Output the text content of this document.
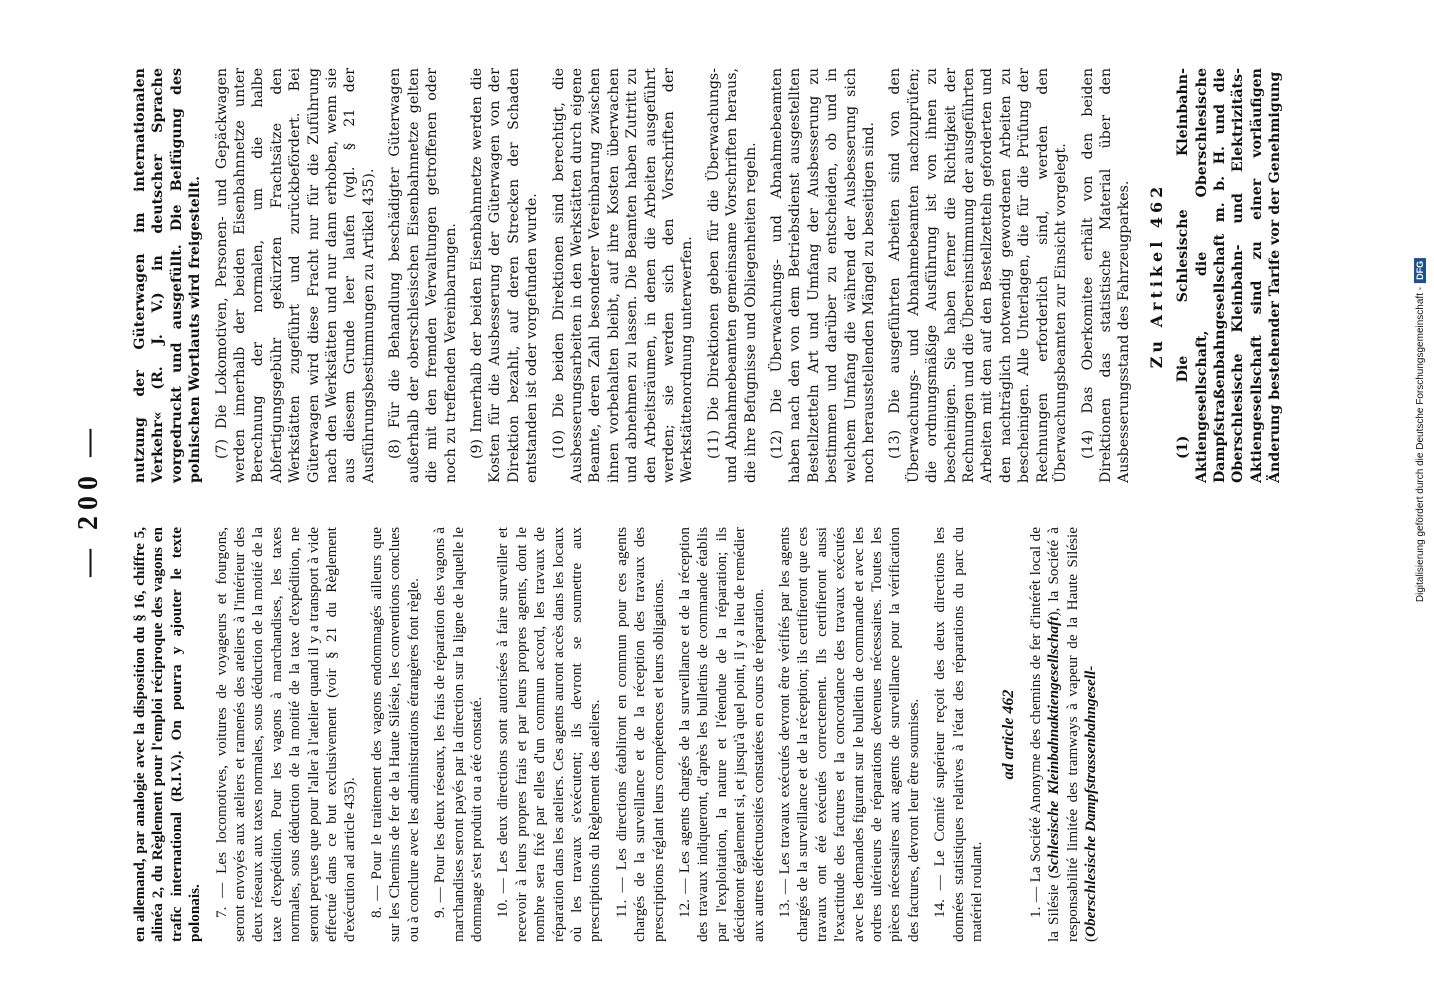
— 200 —

en allemand, par analogie avec la disposition du § 16, chiffre 5, alinéa 2, du Règlement pour l'emploi réciproque des vagons en trafic international (R.I.V.). On pourra y ajouter le texte polonais. 7. — Les locomotives, voitures de voyageurs et fourgons, seront envoyés aux ateliers et ramenés des ateliers à l'intérieur des deux réseaux aux taxes normales, sous déduction de la moitié de la taxe d'expédition. Pour les vagons à marchandises, les taxes normales, sous déduction de la moitié de la taxe d'expédition, ne seront perçues que pour l'aller à l'atelier quand il y a transport à vide effectué dans ce but exclusivement (voir § 21 du Règlement d'exécution ad article 435). 8. — Pour le traitement des vagons endommagés ailleurs que sur les Chemins de fer de la Haute Silésie, les conventions conclues ou à conclure avec les administrations étrangères font règle. 9. — Pour les deux réseaux, les frais de réparation des vagons à marchandises seront payés par la direction sur la ligne de laquelle le dommage s'est produit ou a été constaté. 10. — Les deux directions sont autorisées à faire surveiller et recevoir à leurs propres frais et par leurs propres agents, dont le nombre sera fixé par elles d'un commun accord, les travaux de réparation dans les ateliers. Ces agents auront accès dans les locaux où les travaux s'exécutent; ils devront se soumettre aux prescriptions du Règlement des ateliers. 11. — Les directions établiront en commun pour ces agents chargés de la surveillance et de la réception des travaux des prescriptions réglant leurs compétences et leurs obligations. 12. — Les agents chargés de la surveillance et de la réception des travaux indiqueront, d'après les bulletins de commande établis par l'exploitation, la nature et l'étendue de la réparation; ils décideront également si, et jusqu'à quel point, il y a lieu de remédier aux autres défectuosités constatées en cours de réparation. 13. — Les travaux exécutés devront être vérifiés par les agents chargés de la surveillance et de la réception; ils certifieront que ces travaux ont été exécutés correctement. Ils certifieront aussi l'exactitude des factures et la concordance des travaux exécutés avec les demandes figurant sur le bulletin de commande et avec les ordres ultérieurs de réparations devenues nécessaires. Toutes les pièces nécessaires aux agents de surveillance pour la vérification des factures, devront leur être soumises. 14. — Le Comité supérieur reçoit des deux directions les données statistiques relatives à l'état des réparations du parc du matériel roulant.

ad article 462 1. — La Société Anonyme des chemins de fer d'intérêt local de la Silésie (Schlesische Kleinbahnaktiengesellschaft), la Société à responsabilité limitée des tramways à vapeur de la Haute Silésie (Oberschlesische Dampfstrassenbahngesell-

nutzung der Güterwagen im internationalen Verkehr« (R. J. V.) in deutscher Sprache vorgedruckt und ausgefüllt. Die Beifügung des polnischen Wortlauts wird freigestellt. (7) Die Lokomotiven, Personen- und Gepäckwagen werden innerhalb der beiden Eisenbahnnetze unter Berechnung der normalen, um die halbe Abfertigungsgebühr gekürzten Frachtsätze den Werkstätten zugeführt und zurückbefördert. Bei Güterwagen wird diese Fracht nur für die Zuführung nach den Werkstätten und nur dann erhoben, wenn sie aus diesem Grunde leer laufen (vgl. § 21 der Ausführungsbestimmungen zu Artikel 435). (8) Für die Behandlung beschädigter Güterwagen außerhalb der oberschlesischen Eisenbahnnetze gelten die mit den fremden Verwaltungen getroffenen oder noch zu treffenden Vereinbarungen. (9) Innerhalb der beiden Eisenbahnnetze werden die Kosten für die Ausbesserung der Güterwagen von der Direktion bezahlt, auf deren Strecken der Schaden entstanden ist oder vorgefunden wurde. (10) Die beiden Direktionen sind berechtigt, die Ausbesserungsarbeiten in den Werkstätten durch eigene Beamte, deren Zahl besonderer Vereinbarung zwischen ihnen vorbehalten bleibt, auf ihre Kosten überwachen und abnehmen zu lassen. Die Beamten haben Zutritt zu den Arbeitsräumen, in denen die Arbeiten ausgeführt werden; sie werden sich den Vorschriften der Werkstättenordnung unterwerfen. (11) Die Direktionen geben für die Überwachungs- und Abnahmebeamten gemeinsame Vorschriften heraus, die ihre Befugnisse und Obliegenheiten regeln. (12) Die Überwachungs- und Abnahmebeamten haben nach den von dem Betriebsdienst ausgestellten Bestellzetteln Art und Umfang der Ausbesserung zu bestimmen und darüber zu entscheiden, ob und in welchem Umfang die während der Ausbesserung sich noch herausstellenden Mängel zu beseitigen sind. (13) Die ausgeführten Arbeiten sind von den Überwachungs- und Abnahmebeamten nachzuprüfen; die ordnungsmäßige Ausführung ist von ihnen zu bescheinigen. Sie haben ferner die Richtigkeit der Rechnungen und die Übereinstimmung der ausgeführten Arbeiten mit den auf den Bestellzetteln geforderten und den nachträglich notwendig gewordenen Arbeiten zu bescheinigen. Alle Unterlagen, die für die Prüfung der Rechnungen erforderlich sind, werden den Überwachungsbeamten zur Einsicht vorgelegt. (14) Das Oberkomitee erhält von den beiden Direktionen das statistische Material über den Ausbesserungsstand des Fahrzeugparkes. Zu Artikel 462 (1) Die Schlesische Kleinbahn-Aktiengesellschaft, die Oberschlesische Dampfstraßenbahngesellschaft m. b. H. und die Oberschlesische Kleinbahn- und Elektrizitäts-Aktiengesellschaft sind zu einer vorläufigen Änderung bestehender Tarife vor der Genehmigung	Digitalisierung gefördert durch die Deutsche Forschungsgemeinschaft -
DFG
